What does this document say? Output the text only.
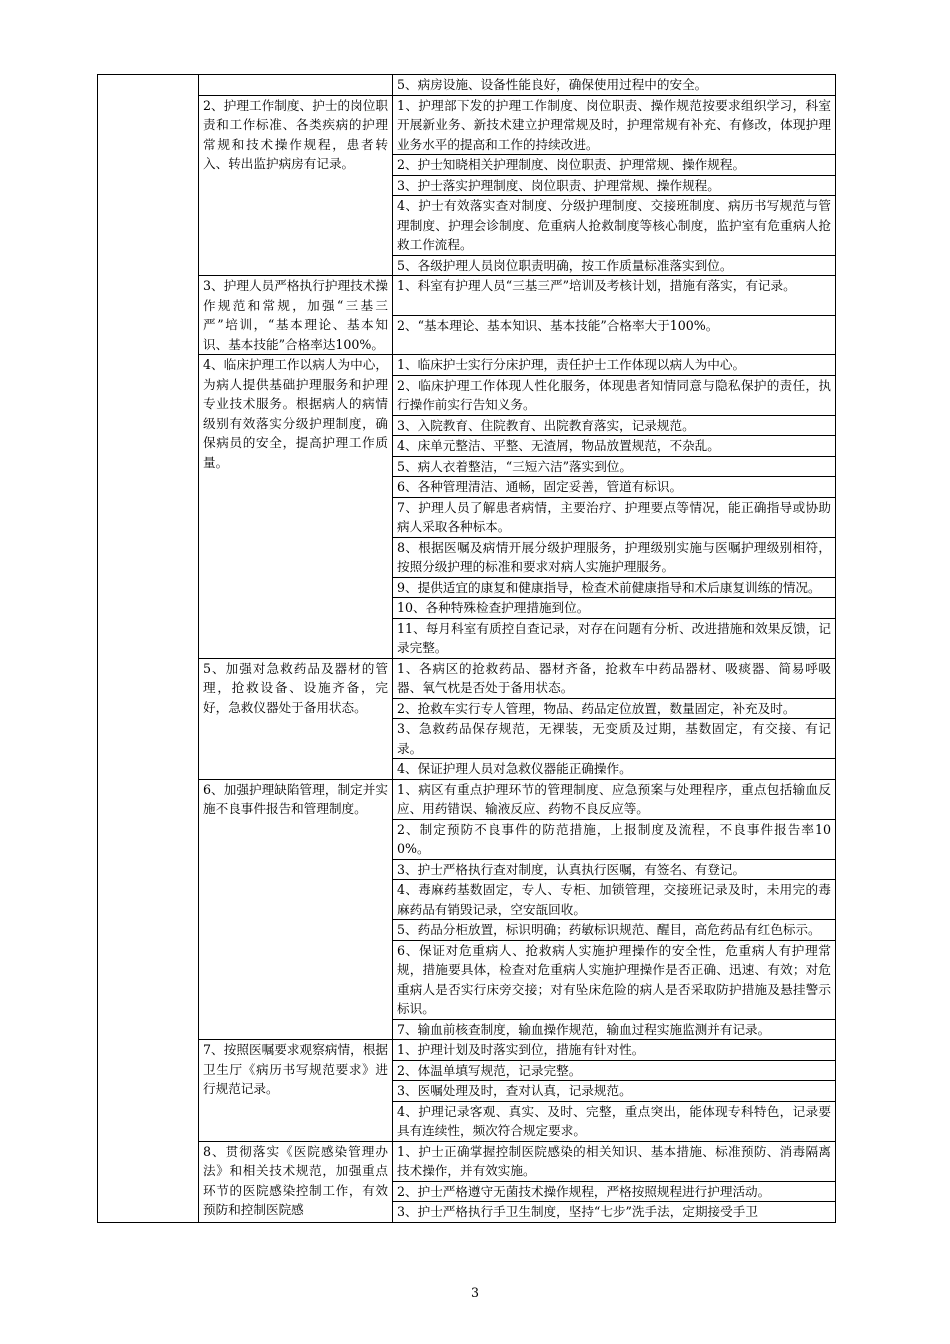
		5、病房设施、设备性能良好，确保使用过程中的安全。
	2、护理工作制度、护士的岗位职责和工作标准、各类疾病的护理常规和技术操作规程，患者转入、转出监护病房有记录。	1、护理部下发的护理工作制度、岗位职责、操作规范按要求组织学习，科室开展新业务、新技术建立护理常规及时，护理常规有补充、有修改，体现护理业务水平的提高和工作的持续改进。
		2、护士知晓相关护理制度、岗位职责、护理常规、操作规程。
		3、护士落实护理制度、岗位职责、护理常规、操作规程。
		4、护士有效落实查对制度、分级护理制度、交接班制度、病历书写规范与管理制度、护理会诊制度、危重病人抢救制度等核心制度，监护室有危重病人抢救工作流程。
		5、各级护理人员岗位职责明确，按工作质量标准落实到位。
	3、护理人员严格执行护理技术操作规范和常规，加强“三基三严”培训，“基本理论、基本知识、基本技能”合格率达100%。	1、科室有护理人员“三基三严”培训及考核计划，措施有落实，有记录。
		2、“基本理论、基本知识、基本技能”合格率大于100%。
	4、临床护理工作以病人为中心，为病人提供基础护理服务和护理专业技术服务。根据病人的病情级别有效落实分级护理制度，确保病员的安全，提高护理工作质量。	1、临床护士实行分床护理，责任护士工作体现以病人为中心。
		2、临床护理工作体现人性化服务，体现患者知情同意与隐私保护的责任，执行操作前实行告知义务。
		3、入院教育、住院教育、出院教育落实，记录规范。
		4、床单元整洁、平整、无渣屑，物品放置规范，不杂乱。
		5、病人衣着整洁，“三短六洁”落实到位。
		6、各种管理清洁、通畅，固定妥善，管道有标识。
		7、护理人员了解患者病情，主要治疗、护理要点等情况，能正确指导或协助病人采取各种标本。
		8、根据医嘱及病情开展分级护理服务，护理级别实施与医嘱护理级别相符，按照分级护理的标准和要求对病人实施护理服务。
		9、提供适宜的康复和健康指导，检查术前健康指导和术后康复训练的情况。
		10、各种特殊检查护理措施到位。
		11、每月科室有质控自查记录，对存在问题有分析、改进措施和效果反馈，记录完整。
	5、加强对急救药品及器材的管理，抢救设备、设施齐备，完好，急救仪器处于备用状态。	1、各病区的抢救药品、器材齐备，抢救车中药品器材、吸痰器、简易呼吸器、氧气枕是否处于备用状态。
		2、抢救车实行专人管理，物品、药品定位放置，数量固定，补充及时。
		3、急救药品保存规范，无裸装，无变质及过期，基数固定，有交接、有记录。
		4、保证护理人员对急救仪器能正确操作。
	6、加强护理缺陷管理，制定并实施不良事件报告和管理制度。	1、病区有重点护理环节的管理制度、应急预案与处理程序，重点包括输血反应、用药错误、输液反应、药物不良反应等。
		2、制定预防不良事件的防范措施，上报制度及流程，不良事件报告率100%。
		3、护士严格执行查对制度，认真执行医嘱，有签名、有登记。
		4、毒麻药基数固定，专人、专柜、加锁管理，交接班记录及时，未用完的毒麻药品有销毁记录，空安瓿回收。
		5、药品分柜放置，标识明确；药敏标识规范、醒目，高危药品有红色标示。
		6、保证对危重病人、抢救病人实施护理操作的安全性，危重病人有护理常规，措施要具体，检查对危重病人实施护理操作是否正确、迅速、有效；对危重病人是否实行床旁交接；对有坠床危险的病人是否采取防护措施及悬挂警示标识。
		7、输血前核查制度，输血操作规范，输血过程实施监测并有记录。
	7、按照医嘱要求观察病情，根据卫生厅《病历书写规范要求》进行规范记录。	1、护理计划及时落实到位，措施有针对性。
		2、体温单填写规范，记录完整。
		3、医嘱处理及时，查对认真，记录规范。
		4、护理记录客观、真实、及时、完整，重点突出，能体现专科特色，记录要具有连续性，频次符合规定要求。
	8、贯彻落实《医院感染管理办法》和相关技术规范，加强重点环节的医院感染控制工作，有效预防和控制医院感	1、护士正确掌握控制医院感染的相关知识、基本措施、标准预防、消毒隔离技术操作，并有效实施。
		2、护士严格遵守无菌技术操作规程，严格按照规程进行护理活动。
		3、护士严格执行手卫生制度，坚持“七步”洗手法，定期接受手卫
3
